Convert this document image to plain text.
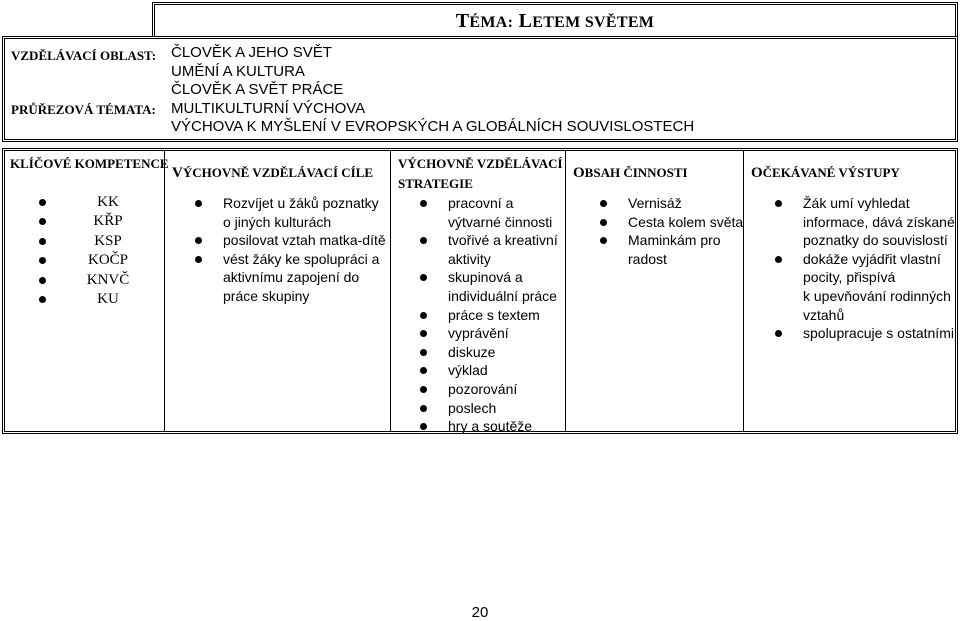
TÉMA: LETEM SVĚTEM
VZDĚLÁVACÍ OBLAST:
PRŮŘEZOVÁ TÉMATA:
ČLOVĚK A JEHO SVĚT
UMĚNÍ A KULTURA
ČLOVĚK A SVĚT PRÁCE
MULTIKULTURNÍ VÝCHOVA
VÝCHOVA K MYŠLENÍ V EVROPSKÝCH A GLOBÁLNÍCH SOUVISLOSTECH
KLÍČOVÉ KOMPETENCE
VÝCHOVNĚ VZDĚLÁVACÍ CÍLE
VÝCHOVNĚ VZDĚLÁVACÍ
STRATEGIE
OBSAH ČINNOSTI	OČEKÁVANÉ VÝSTUPY
KK
KŘP
KSP
KOČP
KNVČ
KU
Rozvíjet u žáků poznatky
o jiných kulturách
posilovat vztah matka-dítě
vést žáky ke spolupráci a
aktivnímu zapojení do
práce skupiny
pracovní a
výtvarné činnosti
tvořivé a kreativní
aktivity
skupinová a
individuální práce
práce s textem
vyprávění
diskuze
výklad
pozorování
poslech
hry a soutěže
Vernisáž
Cesta kolem světa
Maminkám pro
radost
Žák umí vyhledat
informace, dává získané
poznatky do souvislostí
dokáže vyjádřit vlastní
pocity, přispívá
k upevňování rodinných
vztahů
spolupracuje s ostatními
20
